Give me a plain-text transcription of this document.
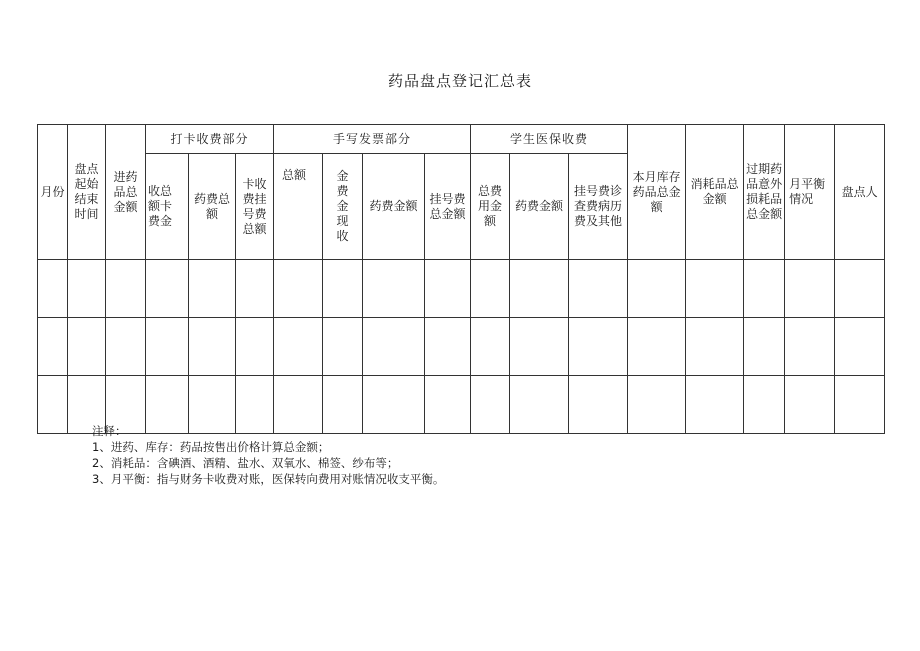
药品盘点登记汇总表
月份	盘点起始结束时间	进药品总金额	打卡收费部分			手写发票部分				学生医保收费			本月库存药品总金额	消耗品总金额	过期药品意外损耗品总金额	月平衡情况	盘点人	
			收总额卡费金	药费总额	卡收费挂号费总额	总额	金费金现收	药费金额	挂号费总金额	总费用金额	药费金额	挂号费诊查费病历费及其他						

注释：
1、进药、库存：药品按售出价格计算总金额；
2、消耗品：含碘酒、酒精、盐水、双氧水、棉签、纱布等；
3、月平衡：指与财务卡收费对账，医保转向费用对账情况收支平衡。
